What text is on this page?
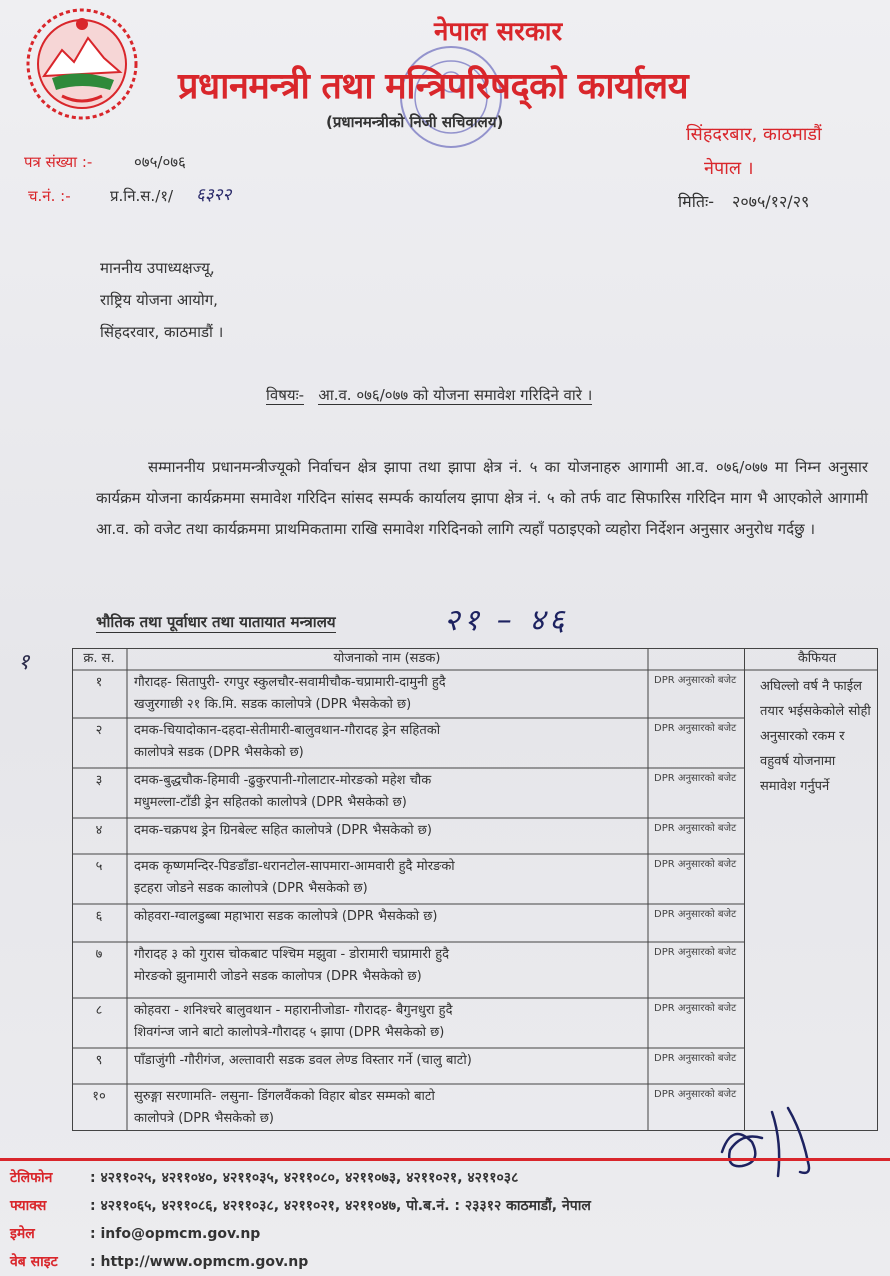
नेपाल सरकार
प्रधानमन्त्री तथा मन्त्रिपरिषद्को कार्यालय
(प्रधानमन्त्रीको निजी सचिवालय)
सिंहदरबार, काठमाडौं
नेपाल ।
पत्र संख्या :-	०७५/०७६
च.नं. :-	प्र.नि.स./१/ ६३२२	मितिः- २०७५/१२/२९
माननीय उपाध्यक्षज्यू,
राष्ट्रिय योजना आयोग,
सिंहदरवार, काठमाडौं ।
विषयः- आ.व. ०७६/०७७ को योजना समावेश गरिदिने वारे ।
सम्माननीय प्रधानमन्त्रीज्यूको निर्वाचन क्षेत्र झापा तथा झापा क्षेत्र नं. ५ का योजनाहरु आगामी आ.व. ०७६/०७७ मा निम्न अनुसार कार्यक्रम योजना कार्यक्रममा समावेश गरिदिन सांसद सम्पर्क कार्यालय झापा क्षेत्र नं. ५ को तर्फ वाट सिफारिस गरिदिन माग भै आएकोले आगामी आ.व. को वजेट तथा कार्यक्रममा प्राथमिकतामा राखि समावेश गरिदिनको लागि त्यहाँ पठाइएको व्यहोरा निर्देशन अनुसार अनुरोध गर्दछु ।
भौतिक तथा पूर्वाधार तथा यातायात मन्त्रालय	२१ – ४६
१	क्र. स.	योजनाको नाम (सडक)	कैफियत
अघिल्लो वर्ष नै फाईल तयार भईसकेकोले सोही अनुसारको रकम र वहुवर्ष योजनामा समावेश गर्नुपर्ने
१	गौरादह- सितापुरी- रगपुर स्कुलचौर-सवामीचौक-चप्रामारी-दामुनी हुदै
खजुरगाछी २१ कि.मि. सडक कालोपत्रे (DPR भैसकेको छ)
DPR अनुसारको बजेट
२	दमक-चियादोकान-दहदा-सेतीमारी-बालुवथान-गौरादह ड्रेन सहितको
कालोपत्रे सडक (DPR भैसकेको छ)
DPR अनुसारको बजेट
३	दमक-बुद्धचौक-हिमावी -ढुकुरपानी-गोलाटार-मोरङको महेश चौक
मधुमल्ला-टाँडी ड्रेन सहितको कालोपत्रे (DPR भैसकेको छ)
DPR अनुसारको बजेट
४	दमक-चक्रपथ ड्रेन ग्रिनबेल्ट सहित कालोपत्रे (DPR भैसकेको छ)	DPR अनुसारको बजेट
५	दमक कृष्णमन्दिर-पिङडाँडा-धरानटोल-सापमारा-आमवारी हुदै मोरङको
इटहरा जोडने सडक कालोपत्रे (DPR भैसकेको छ)
DPR अनुसारको बजेट
६	कोहवरा-ग्वालडुब्बा महाभारा सडक कालोपत्रे (DPR भैसकेको छ)	DPR अनुसारको बजेट
७	गौरादह ३ को गुरास चोकबाट पश्चिम मझुवा - डोरामारी चप्रामारी हुदै
मोरङको झुनामारी जोडने सडक कालोपत्र (DPR भैसकेको छ)
DPR अनुसारको बजेट
८	कोहवरा - शनिश्चरे बालुवथान - महारानीजोडा- गौरादह- बैगुनधुरा हुदै
शिवगंन्ज जाने बाटो कालोपत्रे-गौरादह ५ झापा (DPR भैसकेको छ)
DPR अनुसारको बजेट
९	पाँडाजुंगी -गौरीगंज, अल्तावारी सडक डवल लेण्ड विस्तार गर्ने (चालु बाटो)	DPR अनुसारको बजेट
१०	सुरुङ्गा सरणामति- लसुना- डिंगलवैंकको विहार बोडर सम्मको बाटो
कालोपत्रे (DPR भैसकेको छ)
DPR अनुसारको बजेट
टेलिफोन	: ४२११०२५, ४२११०४०, ४२११०३५, ४२११०८०, ४२११०७३, ४२११०२१, ४२११०३८
फ्याक्स	: ४२११०६५, ४२११०८६, ४२११०३८, ४२११०२१, ४२११०४७, पो.ब.नं. : २३३१२ काठमाडौं, नेपाल
इमेल	: info@opmcm.gov.np
वेब साइट : http://www.opmcm.gov.np
